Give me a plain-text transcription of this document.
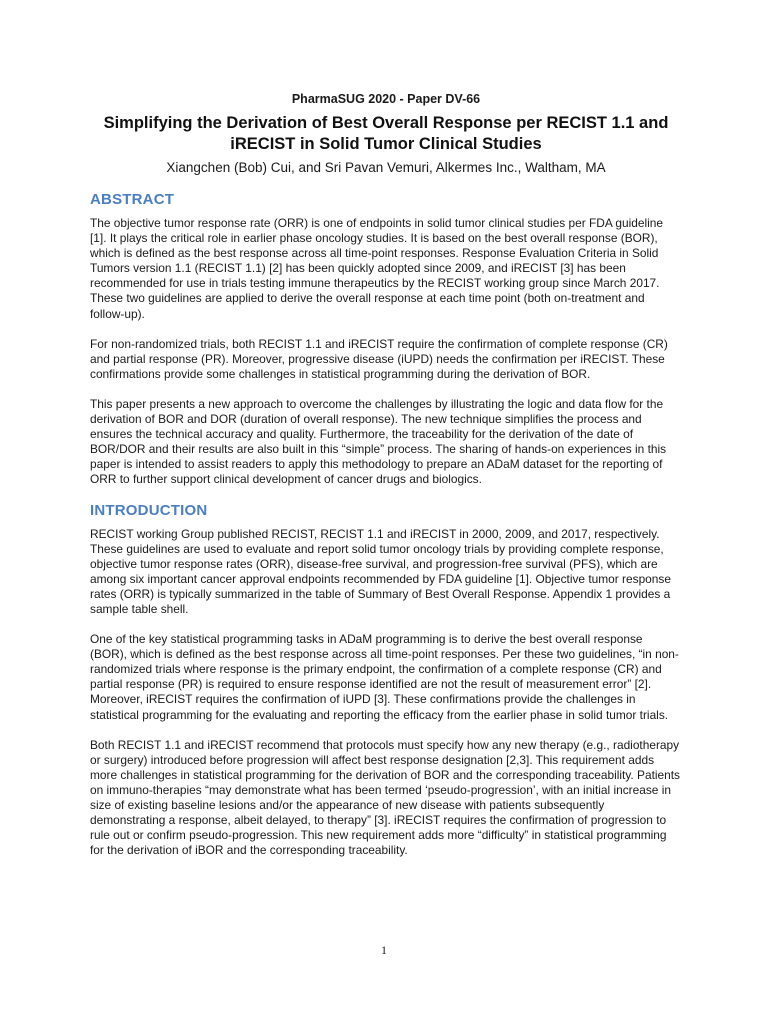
PharmaSUG 2020 - Paper DV-66

Simplifying the Derivation of Best Overall Response per RECIST 1.1 and
iRECIST in Solid Tumor Clinical Studies

Xiangchen (Bob) Cui, and Sri Pavan Vemuri, Alkermes Inc., Waltham, MA

ABSTRACT

The objective tumor response rate (ORR) is one of endpoints in solid tumor clinical studies per FDA guideline [1]. It plays the critical role in earlier phase oncology studies. It is based on the best overall response (BOR), which is defined as the best response across all time-point responses. Response Evaluation Criteria in Solid Tumors version 1.1 (RECIST 1.1) [2] has been quickly adopted since 2009, and iRECIST [3] has been recommended for use in trials testing immune therapeutics by the RECIST working group since March 2017. These two guidelines are applied to derive the overall response at each time point (both on-treatment and follow-up).

For non-randomized trials, both RECIST 1.1 and iRECIST require the confirmation of complete response (CR) and partial response (PR). Moreover, progressive disease (iUPD) needs the confirmation per iRECIST. These confirmations provide some challenges in statistical programming during the derivation of BOR.

This paper presents a new approach to overcome the challenges by illustrating the logic and data flow for the derivation of BOR and DOR (duration of overall response). The new technique simplifies the process and ensures the technical accuracy and quality. Furthermore, the traceability for the derivation of the date of BOR/DOR and their results are also built in this “simple” process. The sharing of hands-on experiences in this paper is intended to assist readers to apply this methodology to prepare an ADaM dataset for the reporting of ORR to further support clinical development of cancer drugs and biologics.

INTRODUCTION

RECIST working Group published RECIST, RECIST 1.1 and iRECIST in 2000, 2009, and 2017, respectively. These guidelines are used to evaluate and report solid tumor oncology trials by providing complete response, objective tumor response rates (ORR), disease-free survival, and progression-free survival (PFS), which are among six important cancer approval endpoints recommended by FDA guideline [1]. Objective tumor response rates (ORR) is typically summarized in the table of Summary of Best Overall Response. Appendix 1 provides a sample table shell.

One of the key statistical programming tasks in ADaM programming is to derive the best overall response (BOR), which is defined as the best response across all time-point responses. Per these two guidelines, “in non-randomized trials where response is the primary endpoint, the confirmation of a complete response (CR) and partial response (PR) is required to ensure response identified are not the result of measurement error” [2]. Moreover, iRECIST requires the confirmation of iUPD [3]. These confirmations provide the challenges in statistical programming for the evaluating and reporting the efficacy from the earlier phase in solid tumor trials.

Both RECIST 1.1 and iRECIST recommend that protocols must specify how any new therapy (e.g., radiotherapy or surgery) introduced before progression will affect best response designation [2,3]. This requirement adds more challenges in statistical programming for the derivation of BOR and the corresponding traceability. Patients on immuno-therapies “may demonstrate what has been termed ‘pseudo-progression’, with an initial increase in size of existing baseline lesions and/or the appearance of new disease with patients subsequently demonstrating a response, albeit delayed, to therapy” [3]. iRECIST requires the confirmation of progression to rule out or confirm pseudo-progression. This new requirement adds more “difficulty” in statistical programming for the derivation of iBOR and the corresponding traceability.

1
